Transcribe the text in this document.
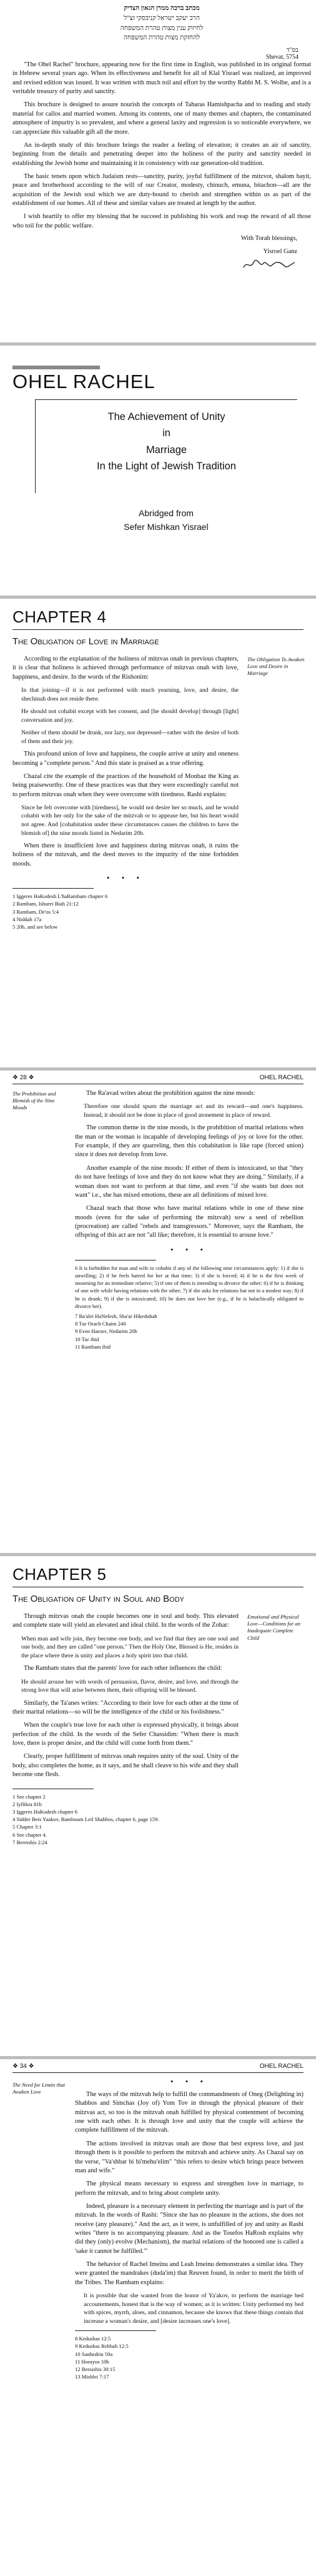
מכתב ברכה ממרן הגאון הצדיק
הרב יעקב ישראל קניבסקי זצ"ל
לחיזוק ענין מצות טהרת המשפחה
להחזקת מצות טהרת המשפחה
בס"ד
Shevat, 5754

"The Ohel Rachel" brochure, appearing now for the first time in English, was published in its original format in Hebrew several years ago. When its effectiveness and benefit for all of Klal Yisrael was realized, an improved and revised edition was issued. It was written with much toil and effort by the worthy Rabbi M. S. Wolbe, and is a veritable treasury of purity and sanctity.

This brochure is designed to assure nourish the concepts of Taharas Hamishpacha and to reading and study material for callos and married women. Among its contents, one of many themes and chapters, the contaminated atmosphere of impurity is so prevalent, and where a general laxity and regression is so noticeable everywhere, we can appreciate this valuable gift all the more.

An in-depth study of this brochure brings the reader a feeling of elevation; it creates an air of sanctity, beginning from the details and penetrating deeper into the holiness of the purity and sanctity needed in establishing the Jewish home and maintaining it in consistency with our generation-old tradition.

The basic tenets upon which Judaism rests—sanctity, purity, joyful fulfillment of the mitzvot, shalom bayit, peace and brotherhood according to the will of our Creator, modesty, chinuch, emuna, bitachon—all are the acquisition of the Jewish soul which we are duty-bound to cherish and strengthen within us as part of the establishment of our homes. All of these and similar values are treated at length by the author.

I wish heartily to offer my blessing that he succeed in publishing his work and reap the reward of all those who toil for the public welfare.

With Torah blessings,
Yisroel Ganz
OHEL RACHEL
The Achievement of Unity
in
Marriage
In the Light of Jewish Tradition
Abridged from
Sefer Mishkan Yisrael
CHAPTER 4
The Obligation of Love in Marriage
The Obligation To Awaken Love and Desire in Marriage

According to the explanation of the holiness of mitzvas onah in previous chapters, it is clear that holiness is achieved through performance of mitzvas onah with love, happiness, and desire. In the words of the Rishonim:

In that joining—if it is not performed with much yearning, love, and desire, the shechinah does not reside there.

He should not cohabit except with her consent, and [he should develop] through [light] conversation and joy.

Neither of them should be drunk, nor lazy, nor depressed—rather with the desire of both of them and their joy.

This profound union of love and happiness, the couple arrive at unity and oneness becoming a "complete person." And this state is praised as a true offering.

Chazal cite the example of the practices of the household of Monbaz the King as being praiseworthy. One of these practices was that they were exceedingly careful not to perform mitzvas onah when they were overcome with tiredness. Rashi explains:

Since he felt overcome with [tiredness], he would not desire her so much, and he would cohabit with her only for the sake of the mitzvah or to appease her, but his heart would not agree. And [cohabitation under these circumstances causes the children to have the blemish of] the nine moods listed in Nedarim 20b.

When there is insufficient love and happiness during mitzvas onah, it ruins the holiness of the mitzvah, and the deed moves to the impurity of the nine forbidden moods.

• • •

1 Iggeres HaKodesh L'haRambam chapter 6

2 Rambam, Isburei Biah 21:12

3 Rambam, De'os 5:4

4 Niddah 17a

5 20b, and see below

❖ 28 ❖	OHEL RACHEL
The Prohibition and Blemish of the Nine Moods

The Ra'avad writes about the prohibition against the nine moods:

Therefore one should spurn the marriage act and its reward—and one's happiness. Instead, it should not be done in place of good atonement in place of reward.

The common theme in the nine moods, is the prohibition of marital relations when the man or the woman is incapable of developing feelings of joy or love for the other. For example, if they are quarreling, then this cohabitation is like rape (forced union) since it does not develop from love.

Another example of the nine moods: If either of them is intoxicated, so that "they do not have feelings of love and they do not know what they are doing." Similarly, if a woman does not want to perform at that time, and even "if she wants but does not want" i.e., she has mixed emotions, these are all definitions of mixed love.

Chazal teach that those who have marital relations while in one of these nine moods (even for the sake of performing the mitzvah) sow a seed of rebellion (procreation) are called "rebels and transgressors." Moreover, says the Rambam, the offspring of this act are not "all like; therefore, it is essential to arouse love."

• • •

6 It is forbidden for man and wife to cohabit if any of the following nine circumstances apply: 1) if she is unwilling; 2) if he feels hatred for her at that time; 3) if she is forced; 4) if he is the first week of mourning for an immediate relative; 5) if one of them is intending to divorce the other; 6) if he is thinking of one wife while having relations with the other; 7) if she asks for relations but not in a modest way; 8) if he is drunk; 9) if she is intoxicated; 10) he does not love her (e.g., if he is halachically obligated to divorce her).

7 Ba'alei HaNefesh, Sha'ar Hikeduhah

8 Tur Orach Chaim 240

9 Even Haezer, Nedarim 20b

10 Tur ibid

11 Rambam ibid

CHAPTER 5
The Obligation of Unity in Soul and Body
Emotional and Physical Love—Conditions for an Inadequate Complete Child

Through mitzvas onah the couple becomes one in soul and body. This elevated and complete state will yield an elevated and ideal child. In the words of the Zohar:

When man and wife join, they become one body, and we find that they are one soul and one body, and they are called "one person." Then the Holy One, Blessed is He, resides in the place where there is unity and places a holy spirit into that child.

The Rambam states that the parents' love for each other influences the child:

He should arouse her with words of persuasion, flavor, desire, and love, and through the strong love that will arise between them, their offspring will be blessed.

Similarly, the Ta'anes writes: "According to their love for each other at the time of their marital relations—so will be the intelligence of the child or his foolishness."

When the couple's true love for each other is expressed physically, it brings about perfection of the child. In the words of the Sefer Chassidim: "When there is much love, there is proper desire, and the child will come forth from them."

Clearly, proper fulfillment of mitzvas onah requires unity of the soul. Unity of the body, also completes the home, as it says, and he shall cleave to his wife and they shall become one flesh.

1 See chapter 2

2 Iyllikra 81b

3 Iggeres HaKodesh chapter 6

4 Sidder Beis Yaakov, Bamboum Leil Shabbos, chapter 6, page 159.

5 Chapter 3:1

6 See chapter 4.

7 Bereishis 2:24

❖ 34 ❖	OHEL RACHEL
The Need for Limits that Awaken Love
• • •

The ways of the mitzvah help to fulfill the commandments of Oneg (Delighting in) Shabbos and Simchas (Joy of) Yom Tov in through the physical pleasure of their mitzvas act, so too is the mitzvah onah fulfilled by physical contentment of becoming one with each other. It is through love and unity that the couple will achieve the complete fulfillment of the mitzvah.

The actions involved in mitzvas onah are those that best express love, and just through them is it possible to perform the mitzvah and achieve unity. As Chazal say on the verse, "Va'shbar bi bi'mehu'elim" "this refers to desire which brings peace between man and wife."

The physical means necessary to express and strengthen love in marriage, to perform the mitzvah, and to bring about complete unity.

Indeed, pleasure is a necessary element in perfecting the marriage and is part of the mitzvah. In the words of Rashi: "Since she has no pleasure in the actions, she does not receive (any pleasure)." And the act, as it were, is unfulfilled of joy and unity as Rashi writes "there is no accompanying pleasure. And as the Tosefos HaRosh explains why did they (only) evolve (Mechanism), the marital relations of the honored one is called a 'sake it cannot be fulfilled.'"

The behavior of Rachel Imeinu and Leah Imeinu demonstrates a similar idea. They were granted the mandrakes (duda'im) that Reuven found, in order to merit the birth of the Tribes. The Rambam explains:

It is possible that she wanted from the honor of Ya'akov, to perform the marriage bed accouterments, honest that is the way of women; as it is written: Unity performed my bed with spices, myrrh, aloes, and cinnamon, because she knows that these things contain that increase a woman's desire, and [desire increases one's love].

8 Kedushas 12:5

9 Kedushas Rebbah 12:5

10 Sanhedrin 59a

11 Horayos 10b

12 Beraishis 30:15

13 Mishlei 7:17
